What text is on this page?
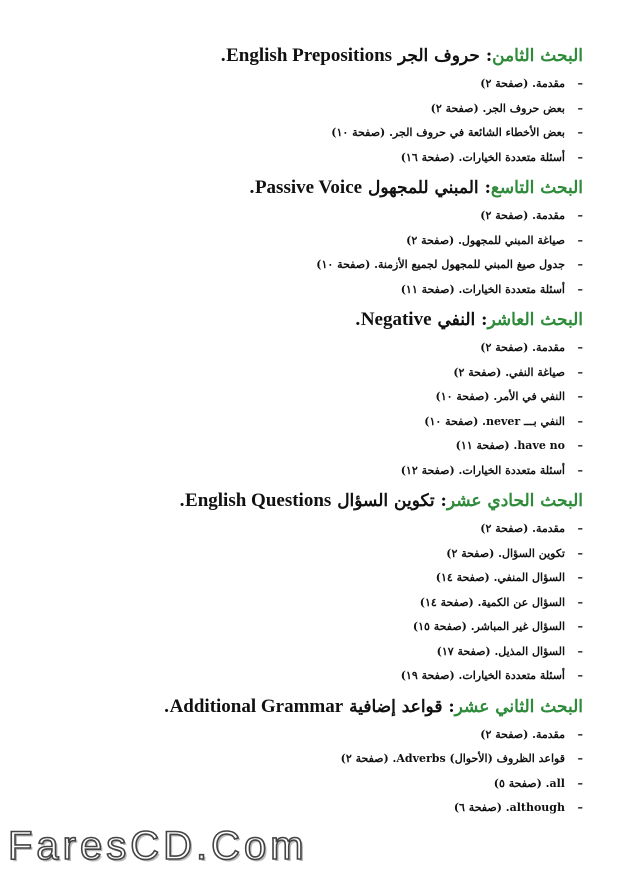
البحث الثامن: حروف الجر English Prepositions.
–
مقدمة. (صفحة ٢)
–
بعض حروف الجر. (صفحة ٢)
–
بعض الأخطاء الشائعة في حروف الجر. (صفحة ١٠)
–
أسئلة متعددة الخيارات. (صفحة ١٦)
البحث التاسع: المبني للمجهول Passive Voice.
–
مقدمة. (صفحة ٢)
–
صياغة المبني للمجهول. (صفحة ٢)
–
جدول صيغ المبني للمجهول لجميع الأزمنة. (صفحة ١٠)
–
أسئلة متعددة الخيارات. (صفحة ١١)
البحث العاشر: النفي Negative.
–
مقدمة. (صفحة ٢)
–
صياغة النفي. (صفحة ٢)
–
النفي في الأمر. (صفحة ١٠)
–
النفي بـــ never. (صفحة ١٠)
–
have no. (صفحة ١١)
–
أسئلة متعددة الخيارات. (صفحة ١٢)
البحث الحادي عشر: تكوين السؤال English Questions.
–
مقدمة. (صفحة ٢)
–
تكوين السؤال. (صفحة ٢)
–
السؤال المنفي. (صفحة ١٤)
–
السؤال عن الكمية. (صفحة ١٤)
–
السؤال غير المباشر. (صفحة ١٥)
–
السؤال المذيل. (صفحة ١٧)
–
أسئلة متعددة الخيارات. (صفحة ١٩)
البحث الثاني عشر: قواعد إضافية Additional Grammar.
–
مقدمة. (صفحة ٢)
–
قواعد الظروف (الأحوال) Adverbs. (صفحة ٢)
–
all. (صفحة ٥)
–
although. (صفحة ٦)
FaresCD.Com
